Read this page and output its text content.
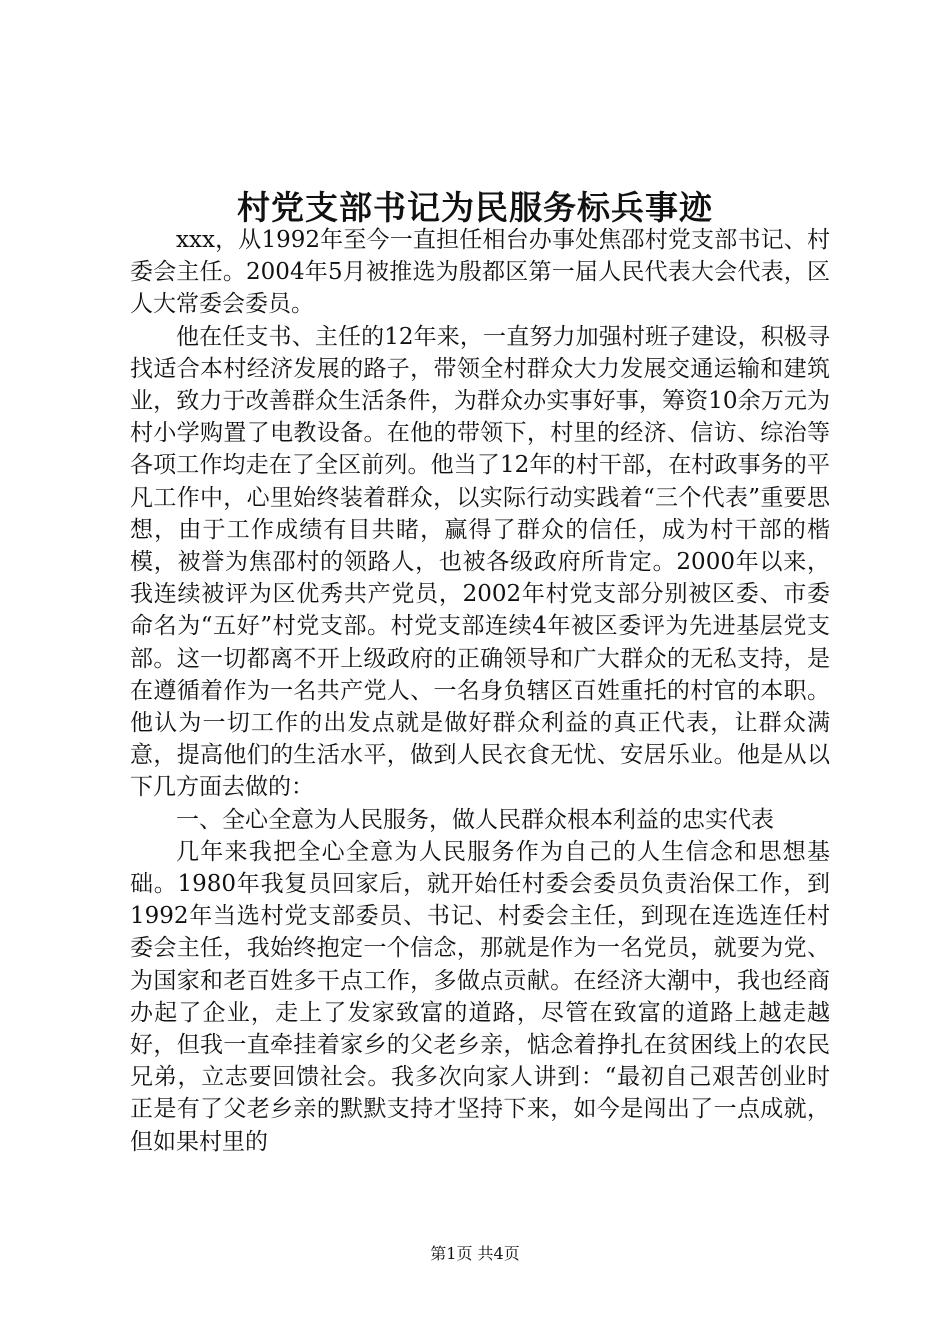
村党支部书记为民服务标兵事迹

xxx，从1992年至今一直担任相台办事处焦邵村党支部书记、村委会主任。2004年5月被推选为殷都区第一届人民代表大会代表，区人大常委会委员。

他在任支书、主任的12年来，一直努力加强村班子建设，积极寻找适合本村经济发展的路子，带领全村群众大力发展交通运输和建筑业，致力于改善群众生活条件，为群众办实事好事，筹资10余万元为村小学购置了电教设备。在他的带领下，村里的经济、信访、综治等各项工作均走在了全区前列。他当了12年的村干部，在村政事务的平凡工作中，心里始终装着群众，以实际行动实践着“三个代表”重要思想，由于工作成绩有目共睹，赢得了群众的信任，成为村干部的楷模，被誉为焦邵村的领路人，也被各级政府所肯定。2000年以来，我连续被评为区优秀共产党员，2002年村党支部分别被区委、市委命名为“五好”村党支部。村党支部连续4年被区委评为先进基层党支部。这一切都离不开上级政府的正确领导和广大群众的无私支持，是在遵循着作为一名共产党人、一名身负辖区百姓重托的村官的本职。他认为一切工作的出发点就是做好群众利益的真正代表，让群众满意，提高他们的生活水平，做到人民衣食无忧、安居乐业。他是从以下几方面去做的：

一、全心全意为人民服务，做人民群众根本利益的忠实代表

几年来我把全心全意为人民服务作为自己的人生信念和思想基础。1980年我复员回家后，就开始任村委会委员负责治保工作，到1992年当选村党支部委员、书记、村委会主任，到现在连选连任村委会主任，我始终抱定一个信念，那就是作为一名党员，就要为党、为国家和老百姓多干点工作，多做点贡献。在经济大潮中，我也经商办起了企业，走上了发家致富的道路，尽管在致富的道路上越走越好，但我一直牵挂着家乡的父老乡亲，惦念着挣扎在贫困线上的农民兄弟，立志要回馈社会。我多次向家人讲到：“最初自己艰苦创业时正是有了父老乡亲的默默支持才坚持下来，如今是闯出了一点成就，但如果村里的

第1页 共4页
